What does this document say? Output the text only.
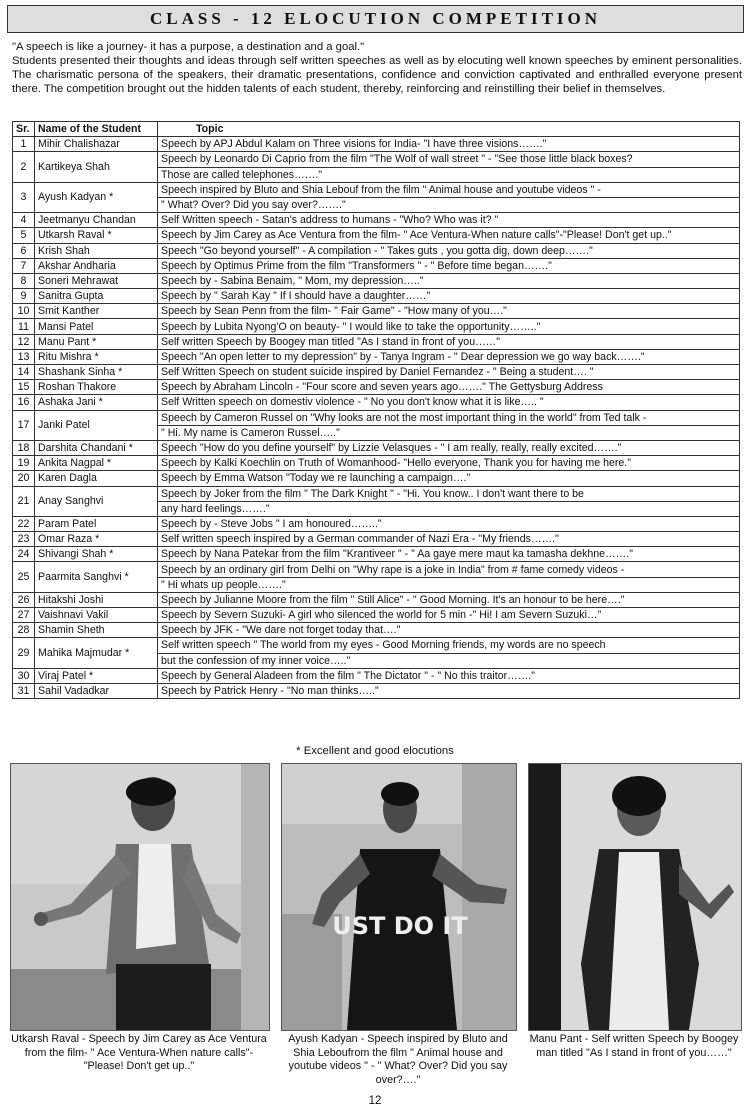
CLASS - 12 ELOCUTION COMPETITION
"A speech is like a journey- it has a purpose, a destination and a goal."
Students presented their thoughts and ideas through self written speeches as well as by elocuting well known speeches by eminent personalities. The charismatic persona of the speakers, their dramatic presentations, confidence and conviction captivated and enthralled everyone present there. The competition brought out the hidden talents of each student, thereby, reinforcing and reinstilling their belief in themselves.
Sr.	Name of the Student	Topic
1	Mihir Chalishazar	Speech by APJ Abdul Kalam on Three visions for India- "I have three visions……."
2	Kartikeya Shah	Speech by Leonardo Di Caprio from the film "The Wolf of wall street " - "See those little black boxes?
		Those are called telephones……."
3	Ayush Kadyan *	Speech inspired by Bluto and Shia Lebouf from the film " Animal house and youtube videos " -
		" What? Over? Did you say over?……."
4	Jeetmanyu Chandan	Self Written speech - Satan's address to humans - "Who? Who was it? "
5	Utkarsh Raval *	Speech by Jim Carey as Ace Ventura from the film- " Ace Ventura-When nature calls"-"Please! Don't get up.."
6	Krish Shah	Speech "Go beyond yourself" - A compilation - " Takes guts , you gotta dig, down deep……."
7	Akshar Andharia	Speech by Optimus Prime from the film "Transformers " - " Before time began……."
8	Soneri Mehrawat	Speech by - Sabina Benaim, " Mom, my depression….."
9	Sanitra Gupta	Speech by " Sarah Kay " If I should have a daughter……"
10	Smit Kanther	Speech by Sean Penn from the film- " Fair Game" - "How many of you…."
11	Mansi Patel	Speech by Lubita Nyong'O on beauty- " I would like to take the opportunity…….."
12	Manu Pant *	Self written Speech by Boogey man titled "As I stand in front of you……"
13	Ritu Mishra *	Speech "An open letter to my depression" by - Tanya Ingram - " Dear depression we go way back……."
14	Shashank Sinha *	Self Written Speech on student suicide inspired by Daniel Fernandez - " Being a student…. "
15	Roshan Thakore	Speech by Abraham Lincoln - "Four score and seven years ago……." The Gettysburg Address
16	Ashaka Jani *	Self Written speech on domestiv violence - " No you don't know what it is like….. "
17	Janki Patel	Speech by Cameron Russel on "Why looks are not the most important thing in the world" from Ted talk -
		" Hi. My name is Cameron Russel….."
18	Darshita Chandani *	Speech "How do you define yourself" by Lizzie Velasques - " I am really, really, really excited……."
19	Ankita Nagpal *	Speech by Kalki Koechlin on Truth of Womanhood- "Hello everyone, Thank you for having me here."
20	Karen Dagla	Speech by Emma Watson "Today we re launching a campaign…."
21	Anay Sanghvi	Speech by Joker from the film " The Dark Knight " - "Hi. You know.. I don't want there to be
		any hard feelings……."
22	Param Patel	Speech by - Steve Jobs " I am honoured…….."
23	Omar Raza *	Self written speech inspired by a German commander of Nazi Era - "My friends……."
24	Shivangi Shah *	Speech by Nana Patekar from the film "Krantiveer " - " Aa gaye mere maut ka tamasha dekhne……."
25	Paarmita Sanghvi *	Speech by an ordinary girl from Delhi on "Why rape is a joke in India" from # fame comedy videos -
		" Hi whats up people……."
26	Hitakshi Joshi	Speech by Julianne Moore from the film " Still Alice" - " Good Morning. It's an honour to be here…."
27	Vaishnavi Vakil	Speech by Severn Suzuki- A girl who silenced the world for 5 min -" Hi! I am Severn Suzuki…"
28	Shamin Sheth	Speech by JFK - "We dare not forget today that…."
29	Mahika Majmudar *	Self written speech " The world from my eyes - Good Morning friends, my words are no speech
		but the confession of my inner voice….."
30	Viraj Patel *	Speech by General Aladeen from the film " The Dictator " - " No this traitor……."
31	Sahil Vadadkar	Speech by Patrick Henry - "No man thinks….."
* Excellent and good elocutions
UST DO IT
Utkarsh Raval - Speech by Jim Carey as Ace Ventura from the film- " Ace Ventura-When nature calls"-"Please! Don't get up.."
Ayush Kadyan - Speech inspired by Bluto and Shia Leboufrom the film " Animal house and youtube videos " - " What? Over? Did you say over?…."
Manu Pant - Self written Speech by Boogey man titled "As I stand in front of you……"
12
